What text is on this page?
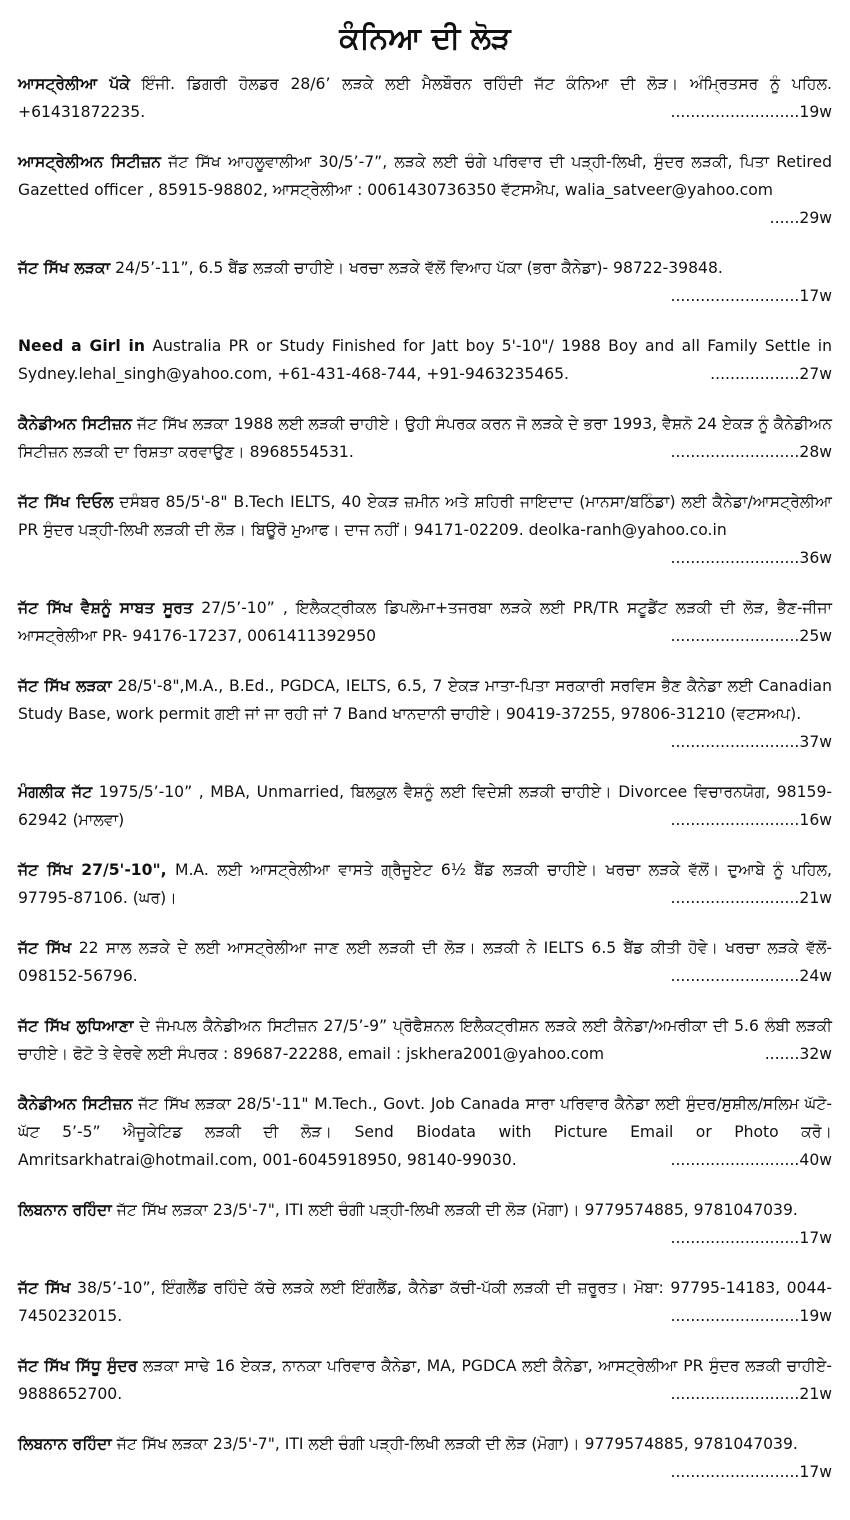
ਕੰਨਿਆ ਦੀ ਲੋੜ

ਆਸਟ੍ਰੇਲੀਆ ਪੱਕੇ ਇੰਜੀ. ਡਿਗਰੀ ਹੋਲਡਰ 28/6’ ਲੜਕੇ ਲਈ ਮੈਲਬੌਰਨ ਰਹਿੰਦੀ ਜੱਟ ਕੰਨਿਆ ਦੀ ਲੋੜ। ਅੰਮ੍ਰਿਤਸਰ ਨੂੰ ਪਹਿਲ. +61431872235.	..........................19w

ਆਸਟ੍ਰੇਲੀਅਨ ਸਿਟੀਜ਼ਨ ਜੱਟ ਸਿੱਖ ਆਹਲੂਵਾਲੀਆ 30/5’-7”, ਲੜਕੇ ਲਈ ਚੰਗੇ ਪਰਿਵਾਰ ਦੀ ਪੜ੍ਹੀ-ਲਿਖੀ, ਸੁੰਦਰ ਲੜਕੀ, ਪਿਤਾ Retired Gazetted officer , 85915-98802, ਆਸਟ੍ਰੇਲੀਆ : 0061430736350 ਵੱਟਸਐਪ, walia_satveer@yahoo.com
......29w

ਜੱਟ ਸਿੱਖ ਲੜਕਾ 24/5’-11”, 6.5 ਬੈਂਡ ਲੜਕੀ ਚਾਹੀਏ। ਖਰਚਾ ਲੜਕੇ ਵੱਲੋਂ ਵਿਆਹ ਪੱਕਾ (ਭਰਾ ਕੈਨੇਡਾ)- 98722-39848.
..........................17w

Need a Girl in Australia PR or Study Finished for Jatt boy 5'-10"/ 1988 Boy and all Family Settle in Sydney.lehal_singh@yahoo.com, +61-431-468-744, +91-9463235465.	..................27w

ਕੈਨੇਡੀਅਨ ਸਿਟੀਜ਼ਨ ਜੱਟ ਸਿੱਖ ਲੜਕਾ 1988 ਲਈ ਲੜਕੀ ਚਾਹੀਏ। ਉਹੀ ਸੰਪਰਕ ਕਰਨ ਜੋ ਲੜਕੇ ਦੇ ਭਰਾ 1993, ਵੈਸ਼ਨੋ 24 ਏਕੜ ਨੂੰ ਕੈਨੇਡੀਅਨ ਸਿਟੀਜ਼ਨ ਲੜਕੀ ਦਾ ਰਿਸ਼ਤਾ ਕਰਵਾਉਣ। 8968554531.	..........................28w

ਜੱਟ ਸਿੱਖ ਦਿਓਲ ਦਸੰਬਰ 85/5'-8" B.Tech IELTS, 40 ਏਕੜ ਜ਼ਮੀਨ ਅਤੇ ਸ਼ਹਿਰੀ ਜਾਇਦਾਦ (ਮਾਨਸਾ/ਬਠਿੰਡਾ) ਲਈ ਕੈਨੇਡਾ/ਆਸਟ੍ਰੇਲੀਆ PR ਸੁੰਦਰ ਪੜ੍ਹੀ-ਲਿਖੀ ਲੜਕੀ ਦੀ ਲੋੜ। ਬਿਊਰੋ ਮੁਆਫ। ਦਾਜ ਨਹੀਂ। 94171-02209. deolka-ranh@yahoo.co.in
..........................36w

ਜੱਟ ਸਿੱਖ ਵੈਸ਼ਨੂੰ ਸਾਬਤ ਸੂਰਤ 27/5’-10” , ਇਲੈਕਟ੍ਰੀਕਲ ਡਿਪਲੋਮਾ+ਤਜਰਬਾ ਲੜਕੇ ਲਈ PR/TR ਸਟੂਡੈਂਟ ਲੜਕੀ ਦੀ ਲੋੜ, ਭੈਣ-ਜੀਜਾ ਆਸਟ੍ਰੇਲੀਆ PR- 94176-17237, 0061411392950	..........................25w

ਜੱਟ ਸਿੱਖ ਲੜਕਾ 28/5'-8",M.A., B.Ed., PGDCA, IELTS, 6.5, 7 ਏਕੜ ਮਾਤਾ-ਪਿਤਾ ਸਰਕਾਰੀ ਸਰਵਿਸ ਭੈਣ ਕੈਨੇਡਾ ਲਈ Canadian Study Base, work permit ਗਈ ਜਾਂ ਜਾ ਰਹੀ ਜਾਂ 7 Band ਖਾਨਦਾਨੀ ਚਾਹੀਏ। 90419-37255, 97806-31210 (ਵਟਸਅਪ).
..........................37w

ਮੰਗਲੀਕ ਜੱਟ 1975/5’-10” , MBA, Unmarried, ਬਿਲਕੁਲ ਵੈਸ਼ਨੂੰ ਲਈ ਵਿਦੇਸ਼ੀ ਲੜਕੀ ਚਾਹੀਏ। Divorcee ਵਿਚਾਰਨਯੋਗ, 98159-62942 (ਮਾਲਵਾ)	..........................16w

ਜੱਟ ਸਿੱਖ 27/5'-10", M.A. ਲਈ ਆਸਟ੍ਰੇਲੀਆ ਵਾਸਤੇ ਗ੍ਰੈਜੂਏਟ 6½ ਬੈਂਡ ਲੜਕੀ ਚਾਹੀਏ। ਖਰਚਾ ਲੜਕੇ ਵੱਲੋਂ। ਦੁਆਬੇ ਨੂੰ ਪਹਿਲ, 97795-87106. (ਘਰ)।	..........................21w

ਜੱਟ ਸਿੱਖ 22 ਸਾਲ ਲੜਕੇ ਦੇ ਲਈ ਆਸਟ੍ਰੇਲੀਆ ਜਾਣ ਲਈ ਲੜਕੀ ਦੀ ਲੋੜ। ਲੜਕੀ ਨੇ IELTS 6.5 ਬੈਂਡ ਕੀਤੀ ਹੋਵੇ। ਖਰਚਾ ਲੜਕੇ ਵੱਲੋਂ- 098152-56796.	..........................24w

ਜੱਟ ਸਿੱਖ ਲੁਧਿਆਣਾ ਦੇ ਜੰਮਪਲ ਕੈਨੇਡੀਅਨ ਸਿਟੀਜ਼ਨ 27/5’-9” ਪ੍ਰੋਫੈਸ਼ਨਲ ਇਲੈਕਟ੍ਰੀਸ਼ਨ ਲੜਕੇ ਲਈ ਕੈਨੇਡਾ/ਅਮਰੀਕਾ ਦੀ 5.6 ਲੰਬੀ ਲੜਕੀ ਚਾਹੀਏ। ਫੋਟੋ ਤੇ ਵੇਰਵੇ ਲਈ ਸੰਪਰਕ : 89687-22288, email : jskhera2001@yahoo.com	.......32w

ਕੈਨੇਡੀਅਨ ਸਿਟੀਜ਼ਨ ਜੱਟ ਸਿੱਖ ਲੜਕਾ 28/5'-11" M.Tech., Govt. Job Canada ਸਾਰਾ ਪਰਿਵਾਰ ਕੈਨੇਡਾ ਲਈ ਸੁੰਦਰ/ਸੁਸ਼ੀਲ/ਸਲਿਮ ਘੱਟੋ-ਘੱਟ 5’-5” ਐਜੂਕੇਟਿਡ ਲੜਕੀ ਦੀ ਲੋੜ। Send Biodata with Picture Email or Photo ਕਰੋ। Amritsarkhatrai@hotmail.com, 001-6045918950, 98140-99030.	..........................40w

ਲਿਬਨਾਨ ਰਹਿੰਦਾ ਜੱਟ ਸਿੱਖ ਲੜਕਾ 23/5'-7", ITI ਲਈ ਚੰਗੀ ਪੜ੍ਹੀ-ਲਿਖੀ ਲੜਕੀ ਦੀ ਲੋੜ (ਮੋਗਾ)। 9779574885, 9781047039.
..........................17w

ਜੱਟ ਸਿੱਖ 38/5’-10”, ਇੰਗਲੈਂਡ ਰਹਿੰਦੇ ਕੱਚੇ ਲੜਕੇ ਲਈ ਇੰਗਲੈਂਡ, ਕੈਨੇਡਾ ਕੱਚੀ-ਪੱਕੀ ਲੜਕੀ ਦੀ ਜ਼ਰੂਰਤ। ਮੋਬਾ: 97795-14183, 0044-7450232015.	..........................19w

ਜੱਟ ਸਿੱਖ ਸਿੱਧੂ ਸੁੰਦਰ ਲੜਕਾ ਸਾਢੇ 16 ਏਕੜ, ਨਾਨਕਾ ਪਰਿਵਾਰ ਕੈਨੇਡਾ, MA, PGDCA ਲਈ ਕੈਨੇਡਾ, ਆਸਟ੍ਰੇਲੀਆ PR ਸੁੰਦਰ ਲੜਕੀ ਚਾਹੀਏ- 9888652700.	..........................21w

ਲਿਬਨਾਨ ਰਹਿੰਦਾ ਜੱਟ ਸਿੱਖ ਲੜਕਾ 23/5'-7", ITI ਲਈ ਚੰਗੀ ਪੜ੍ਹੀ-ਲਿਖੀ ਲੜਕੀ ਦੀ ਲੋੜ (ਮੋਗਾ)। 9779574885, 9781047039.
..........................17w
